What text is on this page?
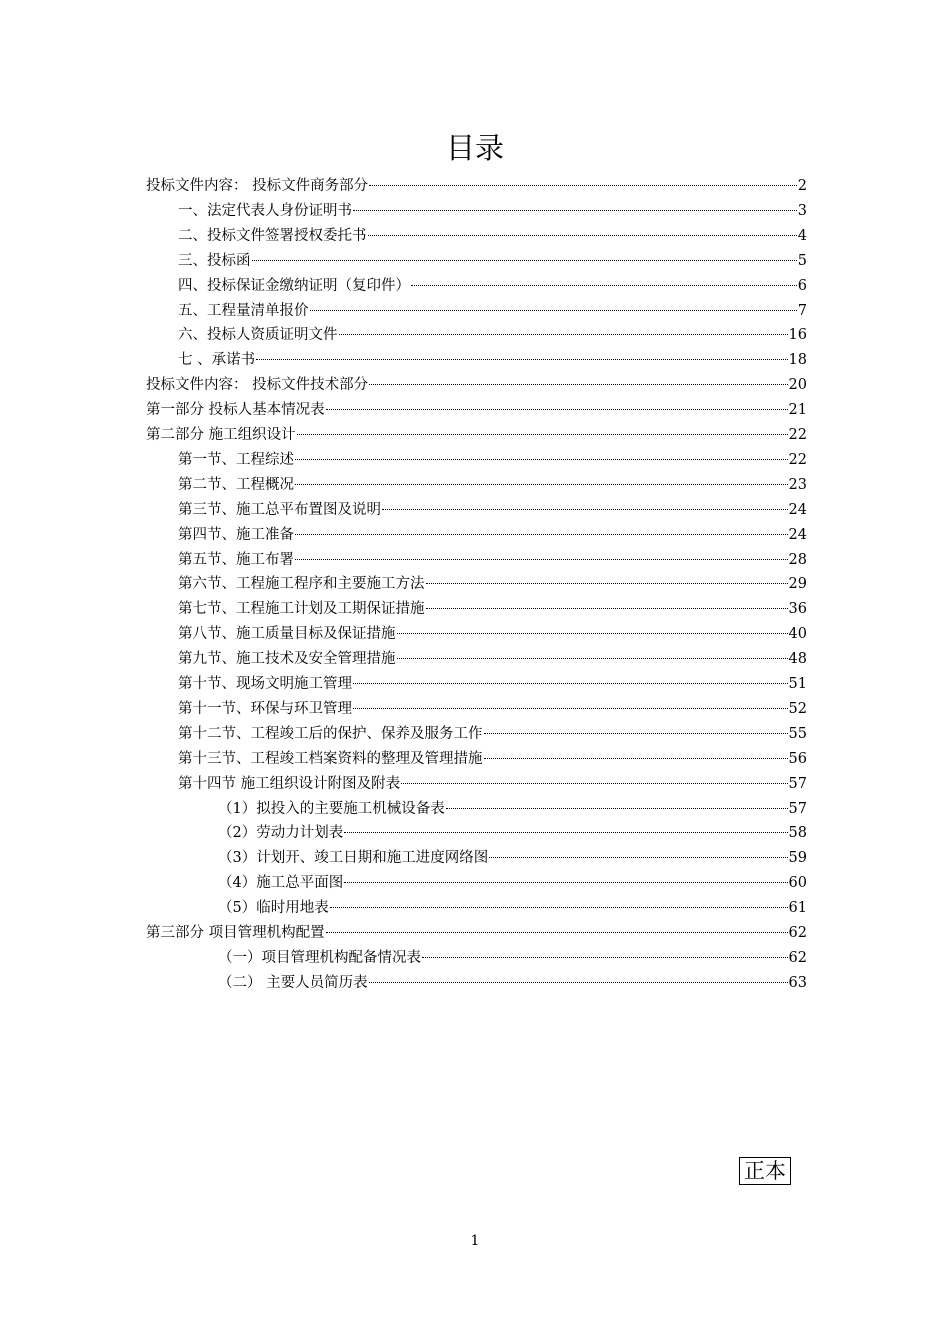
目录
投标文件内容： 投标文件商务部分	2
一、法定代表人身份证明书	3
二、投标文件签署授权委托书	4
三、投标函	5
四、投标保证金缴纳证明（复印件）	6
五、工程量清单报价	7
六、投标人资质证明文件	16
七 、承诺书	18
投标文件内容： 投标文件技术部分	20
第一部分 投标人基本情况表	21
第二部分 施工组织设计	22
第一节、工程综述	22
第二节、工程概况	23
第三节、施工总平布置图及说明	24
第四节、施工准备	24
第五节、施工布署	28
第六节、工程施工程序和主要施工方法	29
第七节、工程施工计划及工期保证措施	36
第八节、施工质量目标及保证措施	40
第九节、施工技术及安全管理措施	48
第十节、现场文明施工管理	51
第十一节、环保与环卫管理	52
第十二节、工程竣工后的保护、保养及服务工作	55
第十三节、工程竣工档案资料的整理及管理措施	56
第十四节 施工组织设计附图及附表	57
（1）拟投入的主要施工机械设备表	57
（2）劳动力计划表	58
（3）计划开、竣工日期和施工进度网络图	59
（4）施工总平面图	60
（5）临时用地表	61
第三部分 项目管理机构配置	62
（一）项目管理机构配备情况表	62
（二） 主要人员简历表	63
正本
1
